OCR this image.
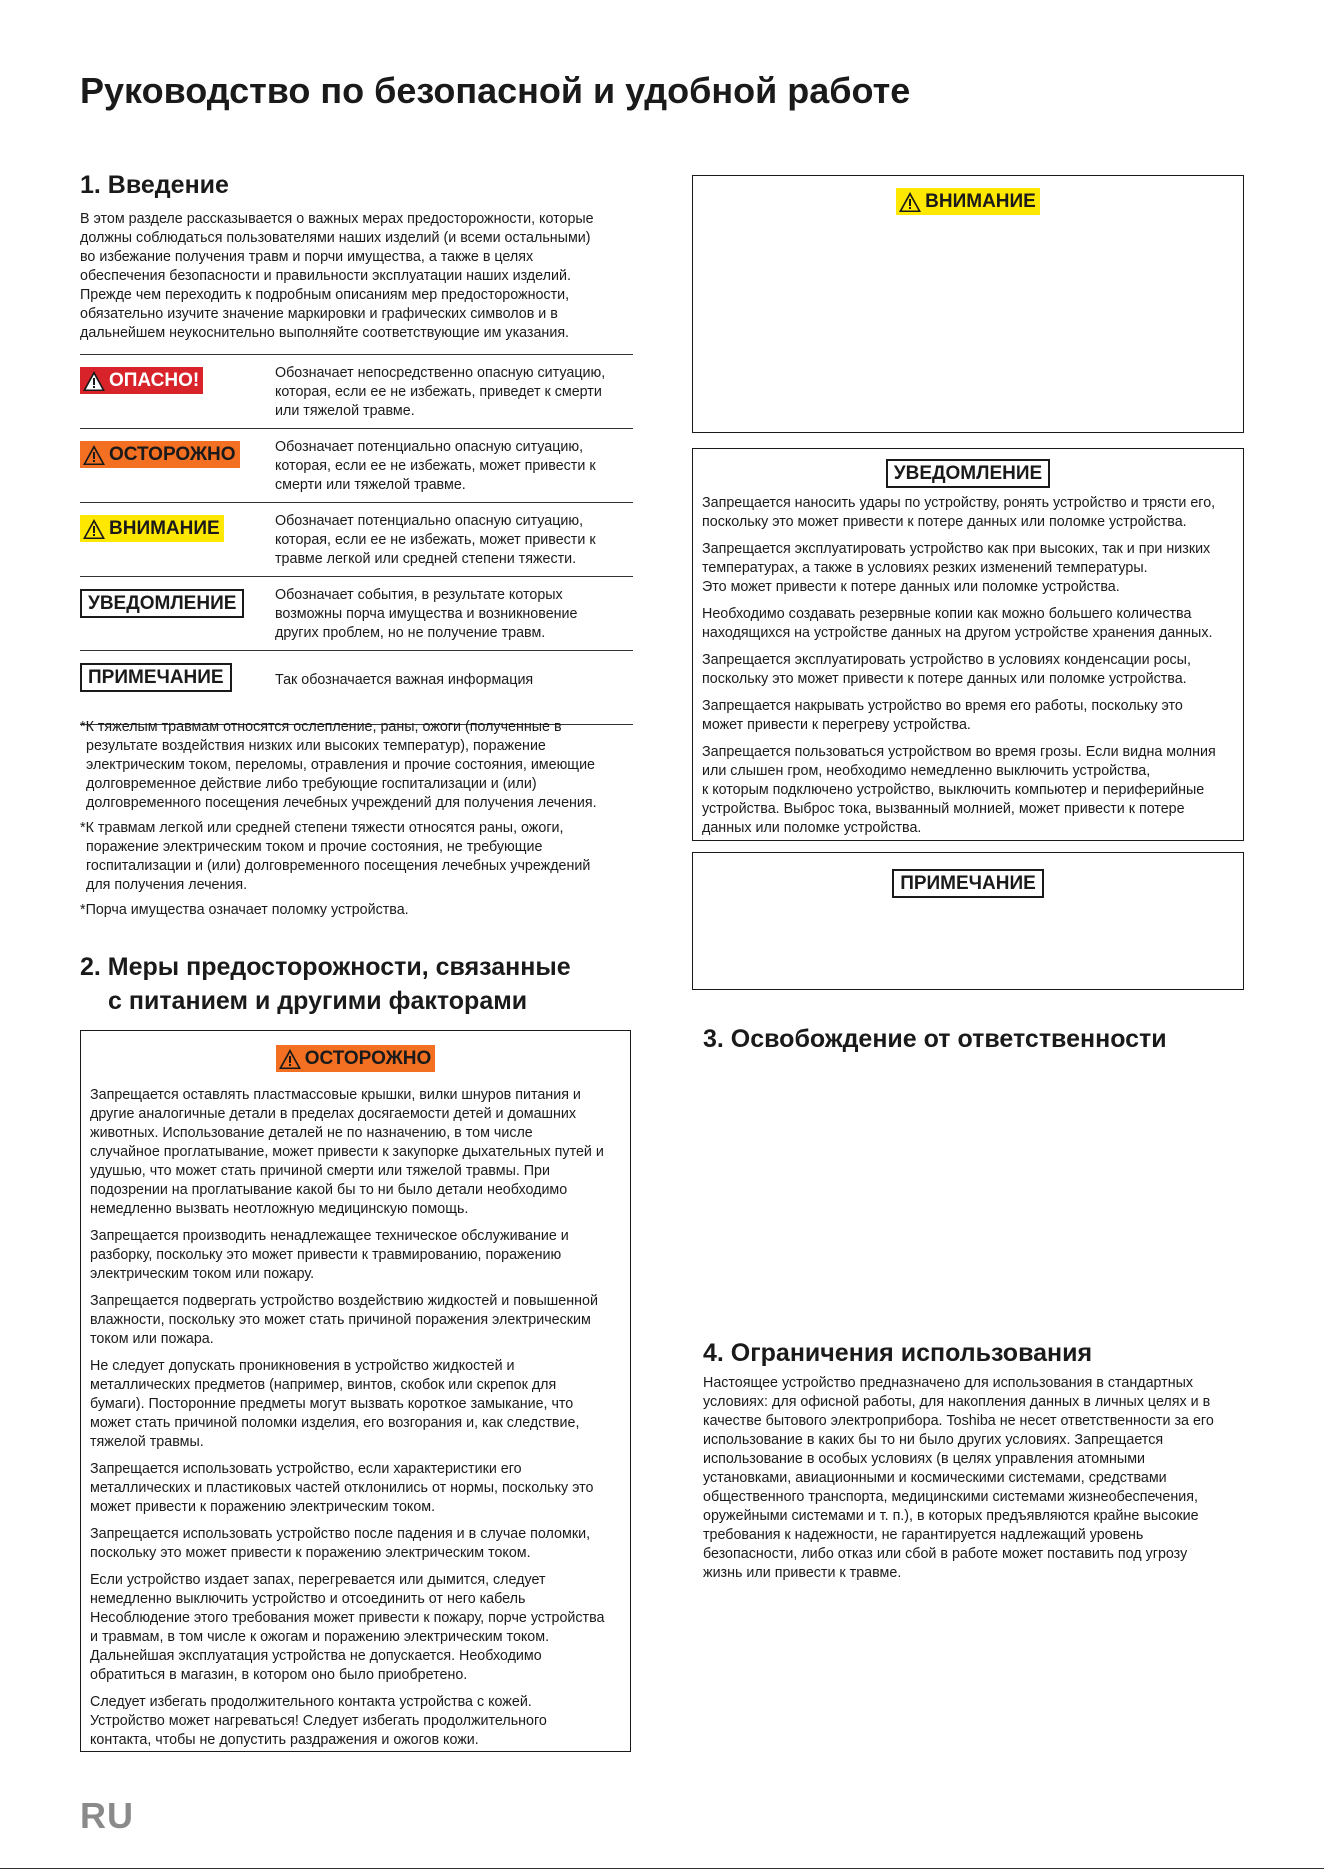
Руководство по безопасной и удобной работе
1. Введение
В этом разделе рассказывается о важных мерах предосторожности, которые
должны соблюдаться пользователями наших изделий (и всеми остальными)
во избежание получения травм и порчи имущества, а также в целях
обеспечения безопасности и правильности эксплуатации наших изделий.
Прежде чем переходить к подробным описаниям мер предосторожности,
обязательно изучите значение маркировки и графических символов и в
дальнейшем неукоснительно выполняйте соответствующие им указания.
ОПАСНО!	Обозначает непосредственно опасную ситуацию,
которая, если ее не избежать, приведет к смерти
или тяжелой травме.
ОСТОРОЖНО	Обозначает потенциально опасную ситуацию,
которая, если ее не избежать, может привести к
смерти или тяжелой травме.
ВНИМАНИЕ	Обозначает потенциально опасную ситуацию,
которая, если ее не избежать, может привести к
травме легкой или средней степени тяжести.
УВЕДОМЛЕНИЕ	Обозначает события, в результате которых
возможны порча имущества и возникновение
других проблем, но не получение травм.
ПРИМЕЧАНИЕ	Так обозначается важная информация
*К тяжелым травмам относятся ослепление, раны, ожоги (полученные в
результате воздействия низких или высоких температур), поражение
электрическим током, переломы, отравления и прочие состояния, имеющие
долговременное действие либо требующие госпитализации и (или)
долговременного посещения лечебных учреждений для получения лечения.
*К травмам легкой или средней степени тяжести относятся раны, ожоги,
поражение электрическим током и прочие состояния, не требующие
госпитализации и (или) долговременного посещения лечебных учреждений
для получения лечения.
*Порча имущества означает поломку устройства.
2. Меры предосторожности, связанные
с питанием и другими факторами
ОСТОРОЖНО
Запрещается оставлять пластмассовые крышки, вилки шнуров питания и
другие аналогичные детали в пределах досягаемости детей и домашних
животных. Использование деталей не по назначению, в том числе
случайное проглатывание, может привести к закупорке дыхательных путей и
удушью, что может стать причиной смерти или тяжелой травмы. При
подозрении на проглатывание какой бы то ни было детали необходимо
немедленно вызвать неотложную медицинскую помощь.
Запрещается производить ненадлежащее техническое обслуживание и
разборку, поскольку это может привести к травмированию, поражению
электрическим током или пожару.
Запрещается подвергать устройство воздействию жидкостей и повышенной
влажности, поскольку это может стать причиной поражения электрическим
током или пожара.
Не следует допускать проникновения в устройство жидкостей и
металлических предметов (например, винтов, скобок или скрепок для
бумаги). Посторонние предметы могут вызвать короткое замыкание, что
может стать причиной поломки изделия, его возгорания и, как следствие,
тяжелой травмы.
Запрещается использовать устройство, если характеристики его
металлических и пластиковых частей отклонились от нормы, поскольку это
может привести к поражению электрическим током.
Запрещается использовать устройство после падения и в случае поломки,
поскольку это может привести к поражению электрическим током.
Если устройство издает запах, перегревается или дымится, следует
немедленно выключить устройство и отсоединить от него кабель
Несоблюдение этого требования может привести к пожару, порче устройства
и травмам, в том числе к ожогам и поражению электрическим током.
Дальнейшая эксплуатация устройства не допускается. Необходимо
обратиться в магазин, в котором оно было приобретено.
Следует избегать продолжительного контакта устройства с кожей.
Устройство может нагреваться! Следует избегать продолжительного
контакта, чтобы не допустить раздражения и ожогов кожи.
ВНИМАНИЕ
УВЕДОМЛЕНИЕ
Запрещается наносить удары по устройству, ронять устройство и трясти его,
поскольку это может привести к потере данных или поломке устройства.
Запрещается эксплуатировать устройство как при высоких, так и при низких
температурах, а также в условиях резких изменений температуры.
Это может привести к потере данных или поломке устройства.
Необходимо создавать резервные копии как можно большего количества
находящихся на устройстве данных на другом устройстве хранения данных.
Запрещается эксплуатировать устройство в условиях конденсации росы,
поскольку это может привести к потере данных или поломке устройства.
Запрещается накрывать устройство во время его работы, поскольку это
может привести к перегреву устройства.
Запрещается пользоваться устройством во время грозы. Если видна молния
или слышен гром, необходимо немедленно выключить устройства,
к которым подключено устройство, выключить компьютер и периферийные
устройства. Выброс тока, вызванный молнией, может привести к потере
данных или поломке устройства.
ПРИМЕЧАНИЕ
3. Освобождение от ответственности
4. Ограничения использования
Настоящее устройство предназначено для использования в стандартных
условиях: для офисной работы, для накопления данных в личных целях и в
качестве бытового электроприбора. Toshiba не несет ответственности за его
использование в каких бы то ни было других условиях. Запрещается
использование в особых условиях (в целях управления атомными
установками, авиационными и космическими системами, средствами
общественного транспорта, медицинскими системами жизнеобеспечения,
оружейными системами и т. п.), в которых предъявляются крайне высокие
требования к надежности, не гарантируется надлежащий уровень
безопасности, либо отказ или сбой в работе может поставить под угрозу
жизнь или привести к травме.
RU
